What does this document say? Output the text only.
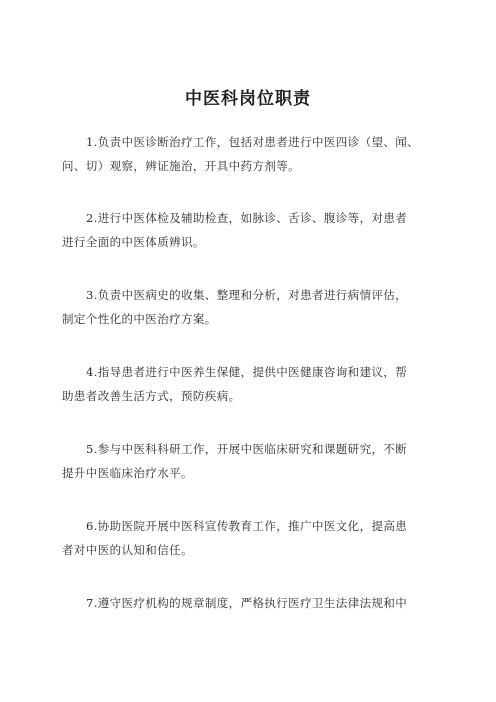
中医科岗位职责

1.负责中医诊断治疗工作，包括对患者进行中医四诊（望、闻、
问、切）观察，辨证施治，开具中药方剂等。

2.进行中医体检及辅助检查，如脉诊、舌诊、腹诊等，对患者
进行全面的中医体质辨识。

3.负责中医病史的收集、整理和分析，对患者进行病情评估，
制定个性化的中医治疗方案。

4.指导患者进行中医养生保健，提供中医健康咨询和建议，帮
助患者改善生活方式，预防疾病。

5.参与中医科科研工作，开展中医临床研究和课题研究，不断
提升中医临床治疗水平。

6.协助医院开展中医科宣传教育工作，推广中医文化，提高患
者对中医的认知和信任。

7.遵守医疗机构的规章制度，严格执行医疗卫生法律法规和中
